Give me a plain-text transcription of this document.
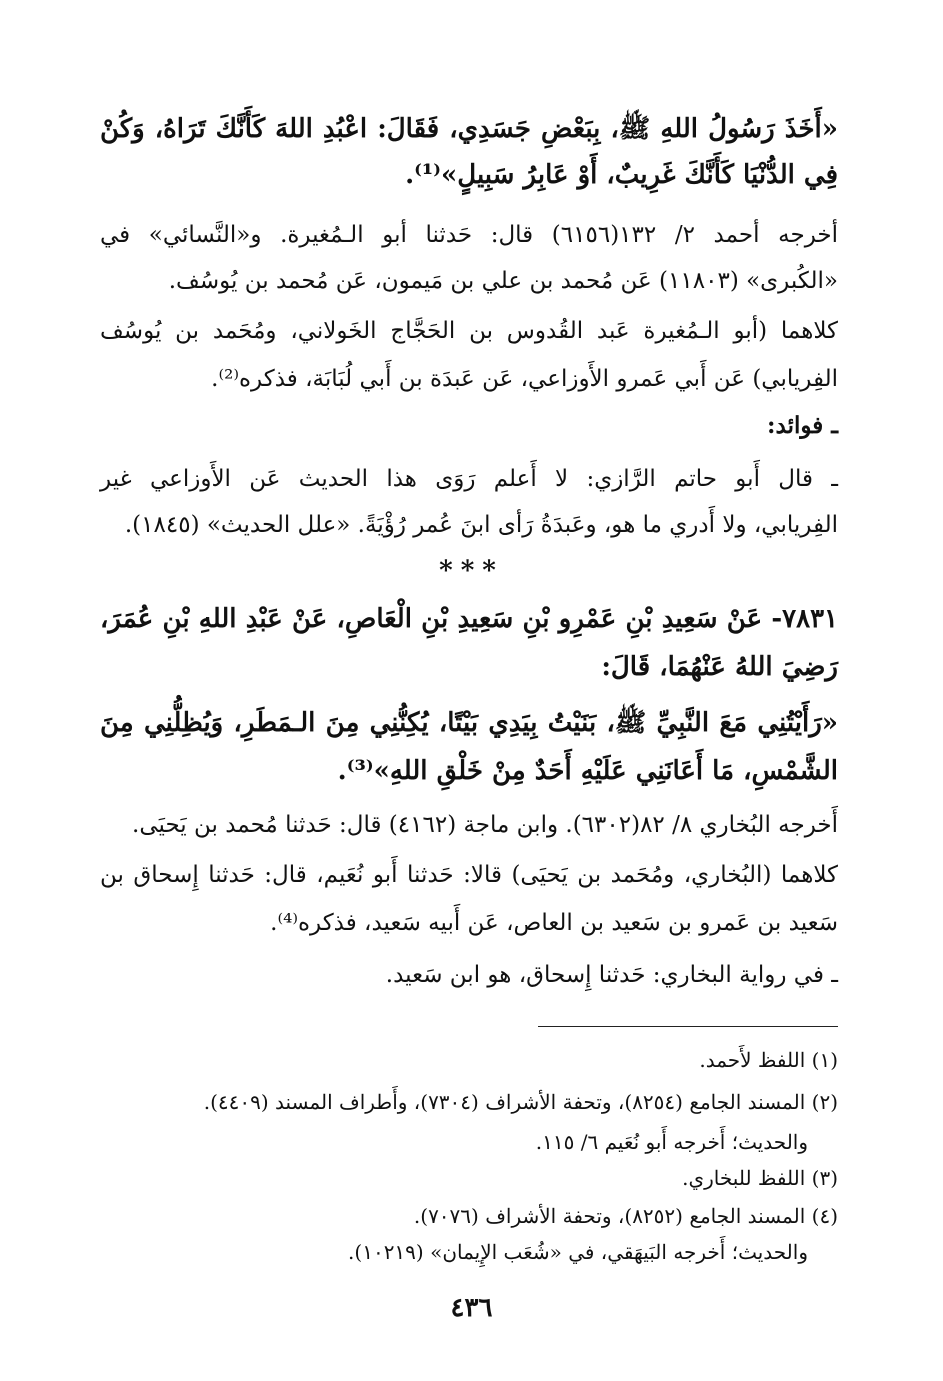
«أَخَذَ رَسُولُ اللهِ ﷺ، بِبَعْضِ جَسَدِي، فَقَالَ: اعْبُدِ اللهَ كَأَنَّكَ تَرَاهُ، وَكُنْ
فِي الدُّنْيَا كَأَنَّكَ غَرِيبٌ، أَوْ عَابِرُ سَبِيلٍ»⁽¹⁾.
أخرجه أحمد ٢/ ١٣٢(٦١٥٦) قال: حَدثنا أبو الـمُغيرة. و«النَّسائي» في
«الكُبرى» (١١٨٠٣) عَن مُحمد بن علي بن مَيمون، عَن مُحمد بن يُوسُف.
كلاهما (أبو الـمُغيرة عَبد القُدوس بن الحَجَّاج الخَولاني، ومُحَمد بن يُوسُف
الفِريابي) عَن أَبي عَمرو الأَوزاعي، عَن عَبدَة بن أَبي لُبَابَة، فذكره⁽²⁾.
ـ فوائد:
ـ قال أَبو حاتم الرَّازي: لا أَعلم رَوَى هذا الحديث عَن الأَوزاعي غير
الفِريابي، ولا أَدري ما هو، وعَبدَةُ رَأى ابنَ عُمر رُؤْيَةً. «علل الحديث» (١٨٤٥).
***
٧٨٣١- عَنْ سَعِيدِ بْنِ عَمْرِو بْنِ سَعِيدِ بْنِ الْعَاصِ، عَنْ عَبْدِ اللهِ بْنِ عُمَرَ،
رَضِيَ اللهُ عَنْهُمَا، قَالَ:
«رَأَيْتُنِي مَعَ النَّبِيِّ ﷺ، بَنَيْتُ بِيَدِي بَيْتًا، يُكِنُّنِي مِنَ الـمَطَرِ، وَيُظِلُّنِي مِنَ
الشَّمْسِ، مَا أَعَانَنِي عَلَيْهِ أَحَدٌ مِنْ خَلْقِ اللهِ»⁽³⁾.
أَخرجه البُخاري ٨/ ٨٢(٦٣٠٢). وابن ماجة (٤١٦٢) قال: حَدثنا مُحمد بن يَحيَى.
كلاهما (البُخاري، ومُحَمد بن يَحيَى) قالا: حَدثنا أَبو نُعَيم، قال: حَدثنا إِسحاق بن
سَعيد بن عَمرو بن سَعيد بن العاص، عَن أَبيه سَعيد، فذكره⁽⁴⁾.
ـ في رواية البخاري: حَدثنا إِسحاق، هو ابن سَعيد.
(١) اللفظ لأَحمد.
(٢) المسند الجامع (٨٢٥٤)، وتحفة الأشراف (٧٣٠٤)، وأَطراف المسند (٤٤٠٩).
والحديث؛ أَخرجه أَبو نُعَيم ٦/ ١١٥.
(٣) اللفظ للبخاري.
(٤) المسند الجامع (٨٢٥٢)، وتحفة الأشراف (٧٠٧٦).
والحديث؛ أَخرجه البَيهَقي، في «شُعَب الإِيمان» (١٠٢١٩).
٤٣٦
